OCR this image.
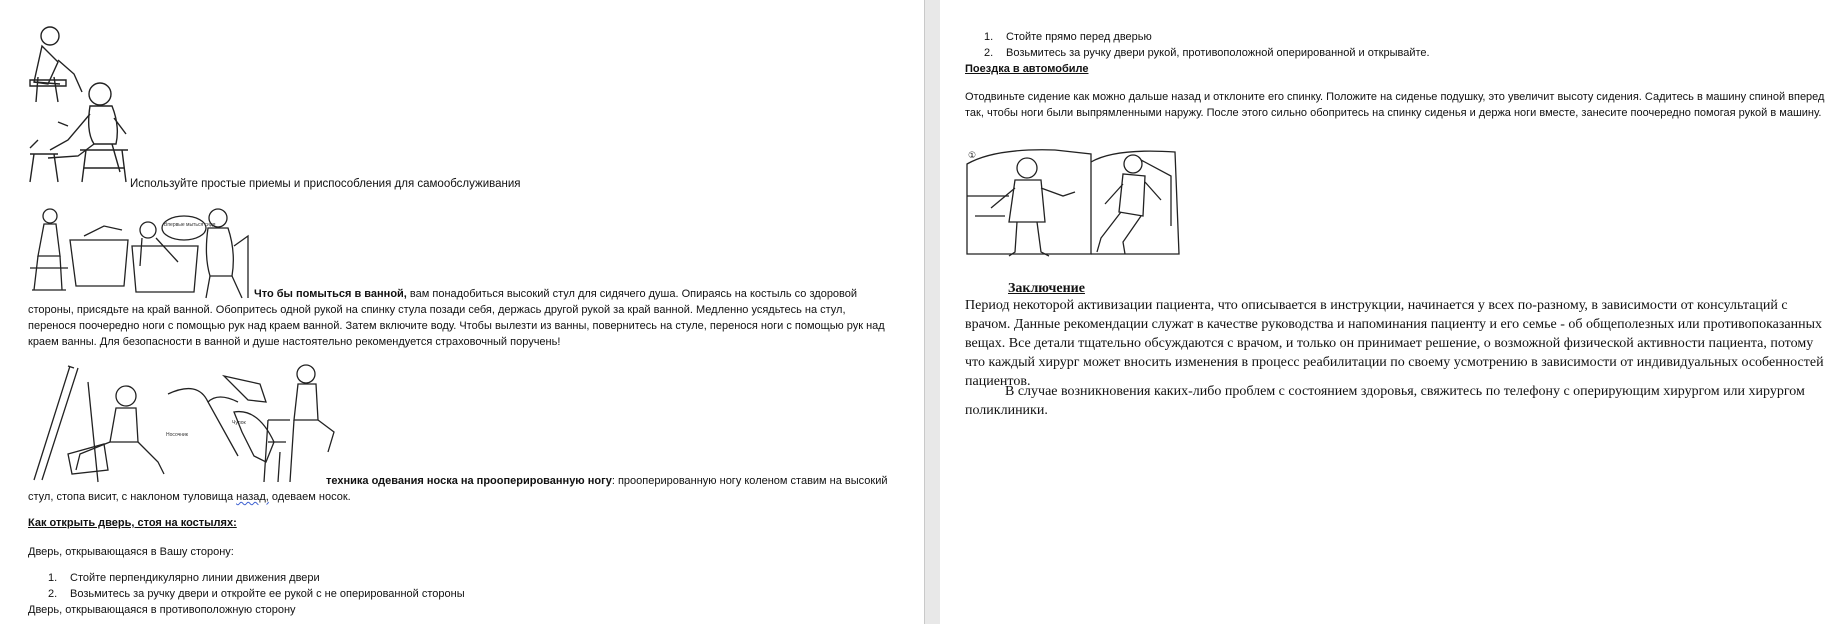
Используйте простые приемы и приспособления для самообслуживания
Впервые мыться сидя
Что бы помыться в ванной, вам понадобиться высокий стул для сидячего душа. Опираясь на костыль со здоровой стороны, присядьте на край ванной. Обопритесь одной рукой на спинку стула позади себя, держась другой рукой за край ванной. Медленно усядьтесь на стул, перенося поочередно ноги с помощью рук над краем ванной. Затем включите воду. Чтобы вылезти из ванны, повернитесь на стуле, перенося ноги с помощью рук над краем ванны. Для безопасности в ванной и душе настоятельно рекомендуется страховочный поручень!
Носочник
Чулок
техника одевания носка на прооперированную ногу: прооперированную ногу коленом ставим на высокий стул, стопа висит, с наклоном туловища назад, одеваем носок.
Как открыть дверь, стоя на костылях:
Дверь, открывающаяся в Вашу сторону:
1. Стойте перпендикулярно линии движения двери
2. Возьмитесь за ручку двери и откройте ее рукой с не оперированной стороны
Дверь, открывающаяся в противоположную сторону
1. Стойте прямо перед дверью
2. Возьмитесь за ручку двери рукой, противоположной оперированной и открывайте.
Поездка в автомобиле
Отодвиньте сидение как можно дальше назад и отклоните его спинку. Положите на сиденье подушку, это увеличит высоту сидения. Садитесь в машину спиной вперед так, чтобы ноги были выпрямленными наружу. После этого сильно обопритесь на спинку сиденья и держа ноги вместе, занесите поочередно помогая рукой в машину.
①
Заключение
Период некоторой активизации пациента, что описывается в инструкции, начинается у всех по-разному, в зависимости от консультаций с врачом. Данные рекомендации служат в качестве руководства и напоминания пациенту и его семье - об общеполезных или противопоказанных вещах. Все детали тщательно обсуждаются с врачом, и только он принимает решение, о возможной физической активности пациента, потому что каждый хирург может вносить изменения в процесс реабилитации по своему усмотрению в зависимости от индивидуальных особенностей пациентов.
В случае возникновения каких-либо проблем с состоянием здоровья, свяжитесь по телефону с оперирующим хирургом или хирургом поликлиники.
